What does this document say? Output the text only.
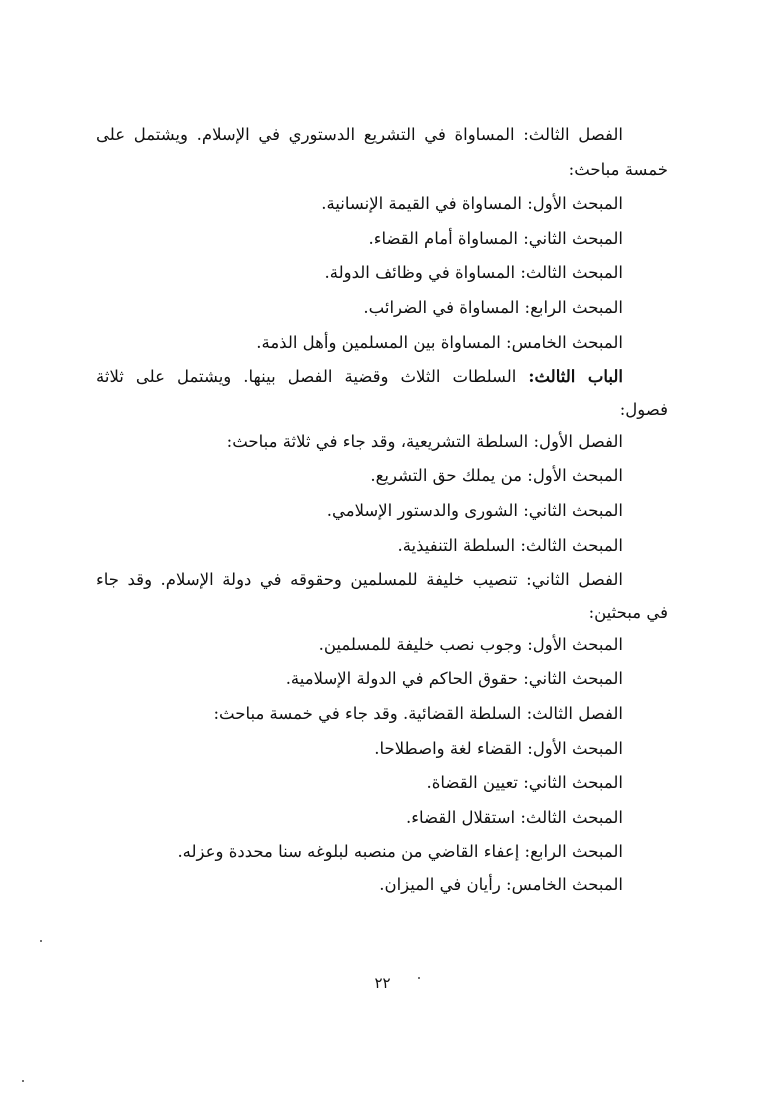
الفصل الثالث: المساواة في التشريع الدستوري في الإسلام. ويشتمل على

خمسة مباحث:

المبحث الأول: المساواة في القيمة الإنسانية.

المبحث الثاني: المساواة أمام القضاء.

المبحث الثالث: المساواة في وظائف الدولة.

المبحث الرابع: المساواة في الضرائب.

المبحث الخامس: المساواة بين المسلمين وأهل الذمة.

الباب الثالث: السلطات الثلاث وقضية الفصل بينها. ويشتمل على ثلاثة

فصول:

الفصل الأول: السلطة التشريعية، وقد جاء في ثلاثة مباحث:

المبحث الأول: من يملك حق التشريع.

المبحث الثاني: الشورى والدستور الإسلامي.

المبحث الثالث: السلطة التنفيذية.

الفصل الثاني: تنصيب خليفة للمسلمين وحقوقه في دولة الإسلام. وقد جاء

في مبحثين:

المبحث الأول: وجوب نصب خليفة للمسلمين.

المبحث الثاني: حقوق الحاكم في الدولة الإسلامية.

الفصل الثالث: السلطة القضائية. وقد جاء في خمسة مباحث:

المبحث الأول: القضاء لغة واصطلاحا.

المبحث الثاني: تعيين القضاة.

المبحث الثالث: استقلال القضاء.

المبحث الرابع: إعفاء القاضي من منصبه لبلوغه سنا محددة وعزله.

المبحث الخامس: رأيان في الميزان.

٢٢
